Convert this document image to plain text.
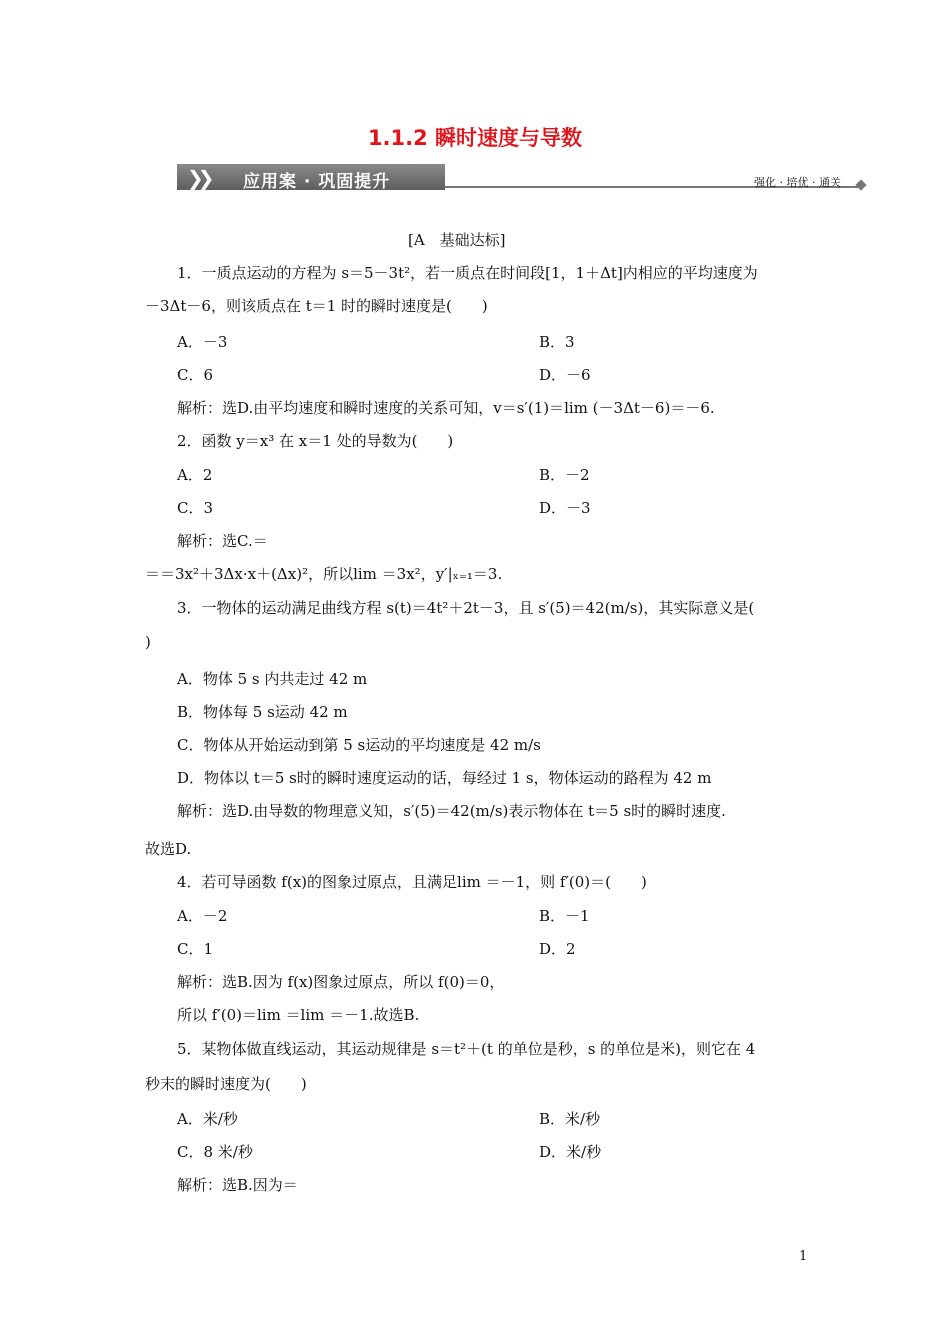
1.1.2 瞬时速度与导数
❯❯ 应用案 · 巩固提升	强化 · 培优 · 通关
[A　基础达标]
1．一质点运动的方程为 s＝5－3t²，若一质点在时间段[1，1＋Δt]内相应的平均速度为
－3Δt－6，则该质点在 t＝1 时的瞬时速度是(　　)
A．－3	B．3
C．6	D．－6
解析：选D.由平均速度和瞬时速度的关系可知，v＝s′(1)＝lim (－3Δt－6)＝－6.
2．函数 y＝x³ 在 x＝1 处的导数为(　　)
A．2	B．－2
C．3	D．－3
解析：选C.＝
＝＝3x²＋3Δx·x＋(Δx)²，所以lim ＝3x²，y′|ₓ₌₁＝3.
3．一物体的运动满足曲线方程 s(t)＝4t²＋2t－3，且 s′(5)＝42(m/s)，其实际意义是(
)
A．物体 5 s 内共走过 42 m
B．物体每 5 s运动 42 m
C．物体从开始运动到第 5 s运动的平均速度是 42 m/s
D．物体以 t＝5 s时的瞬时速度运动的话，每经过 1 s，物体运动的路程为 42 m
解析：选D.由导数的物理意义知，s′(5)＝42(m/s)表示物体在 t＝5 s时的瞬时速度.
故选D.
4．若可导函数 f(x)的图象过原点，且满足lim ＝－1，则 f′(0)＝(　　)
A．－2	B．－1
C．1	D．2
解析：选B.因为 f(x)图象过原点，所以 f(0)＝0，
所以 f′(0)＝lim ＝lim ＝－1.故选B.
5．某物体做直线运动，其运动规律是 s＝t²＋(t 的单位是秒，s 的单位是米)，则它在 4
秒末的瞬时速度为(　　)
A．米/秒	B．米/秒
C．8 米/秒	D．米/秒
解析：选B.因为＝
1
